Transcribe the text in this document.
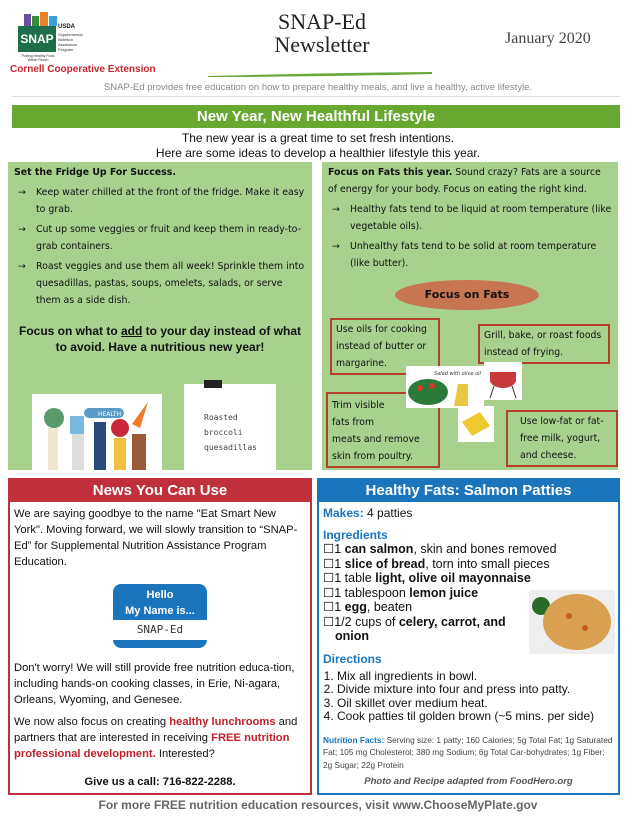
SNAP
USDA
Supplemental
Nutrition
Assistance
Program
Putting Healthy Food Within Reach
Cornell Cooperative Extension
SNAP-Ed
Newsletter	January 2020
SNAP-Ed provides free education on how to prepare healthy meals, and live a healthy, active lifestyle.
New Year, New Healthful Lifestyle
The new year is a great time to set fresh intentions.
Here are some ideas to develop a healthier lifestyle this year.
Set the Fridge Up For Success.
→ Keep water chilled at the front of the fridge. Make it easy to grab.
→ Cut up some veggies or fruit and keep them in ready-to-grab containers.
→ Roast veggies and use them all week! Sprinkle them into quesadillas, pastas, soups, omelets, salads, or serve them as a side dish.
Focus on what to add to your day instead of what to avoid. Have a nutritious new year!
HEALTH	Roasted
broccoli
quesadillas
Focus on Fats this year. Sound crazy? Fats are a source of energy for your body. Focus on eating the right kind.
→ Healthy fats tend to be liquid at room temperature (like vegetable oils).
→ Unhealthy fats tend to be solid at room temperature (like butter).
Focus on Fats
Use oils for cooking instead of butter or margarine.
Grill, bake, or roast foods instead of frying.
Trim visible fats from meats and remove skin from poultry.
Use low-fat or fat-free milk, yogurt, and cheese.
Salad with olive oil
News You Can Use

We are saying goodbye to the name "Eat Smart New York". Moving forward, we will slowly transition to “SNAP-Ed” for Supplemental Nutrition Assistance Program Education.

Hello
My Name is...
SNAP-Ed

Don't worry! We will still provide free nutrition educa-tion, including hands-on cooking classes, in Erie, Ni-agara, Orleans, Wyoming, and Genesee.

We now also focus on creating healthy lunchrooms and partners that are interested in receiving FREE nutrition professional development. Interested?

Give us a call: 716-822-2288.

Healthy Fats: Salmon Patties
Makes: 4 patties
Ingredients
☐1 can salmon, skin and bones removed
☐1 slice of bread, torn into small pieces
☐1 table light, olive oil mayonnaise
☐1 tablespoon lemon juice
☐1 egg, beaten
☐1/2 cups of celery, carrot, and onion
Directions
1. Mix all ingredients in bowl.
2. Divide mixture into four and press into patty.
3. Oil skillet over medium heat.
4. Cook patties til golden brown (~5 mins. per side)
Nutrition Facts: Serving size: 1 patty; 160 Calories; 5g Total Fat; 1g Saturated Fat; 105 mg Cholesterol; 380 mg Sodium; 6g Total Car-bohydrates; 1g Fiber; 2g Sugar; 22g Protein
Photo and Recipe adapted from FoodHero.org
For more FREE nutrition education resources, visit www.ChooseMyPlate.gov
